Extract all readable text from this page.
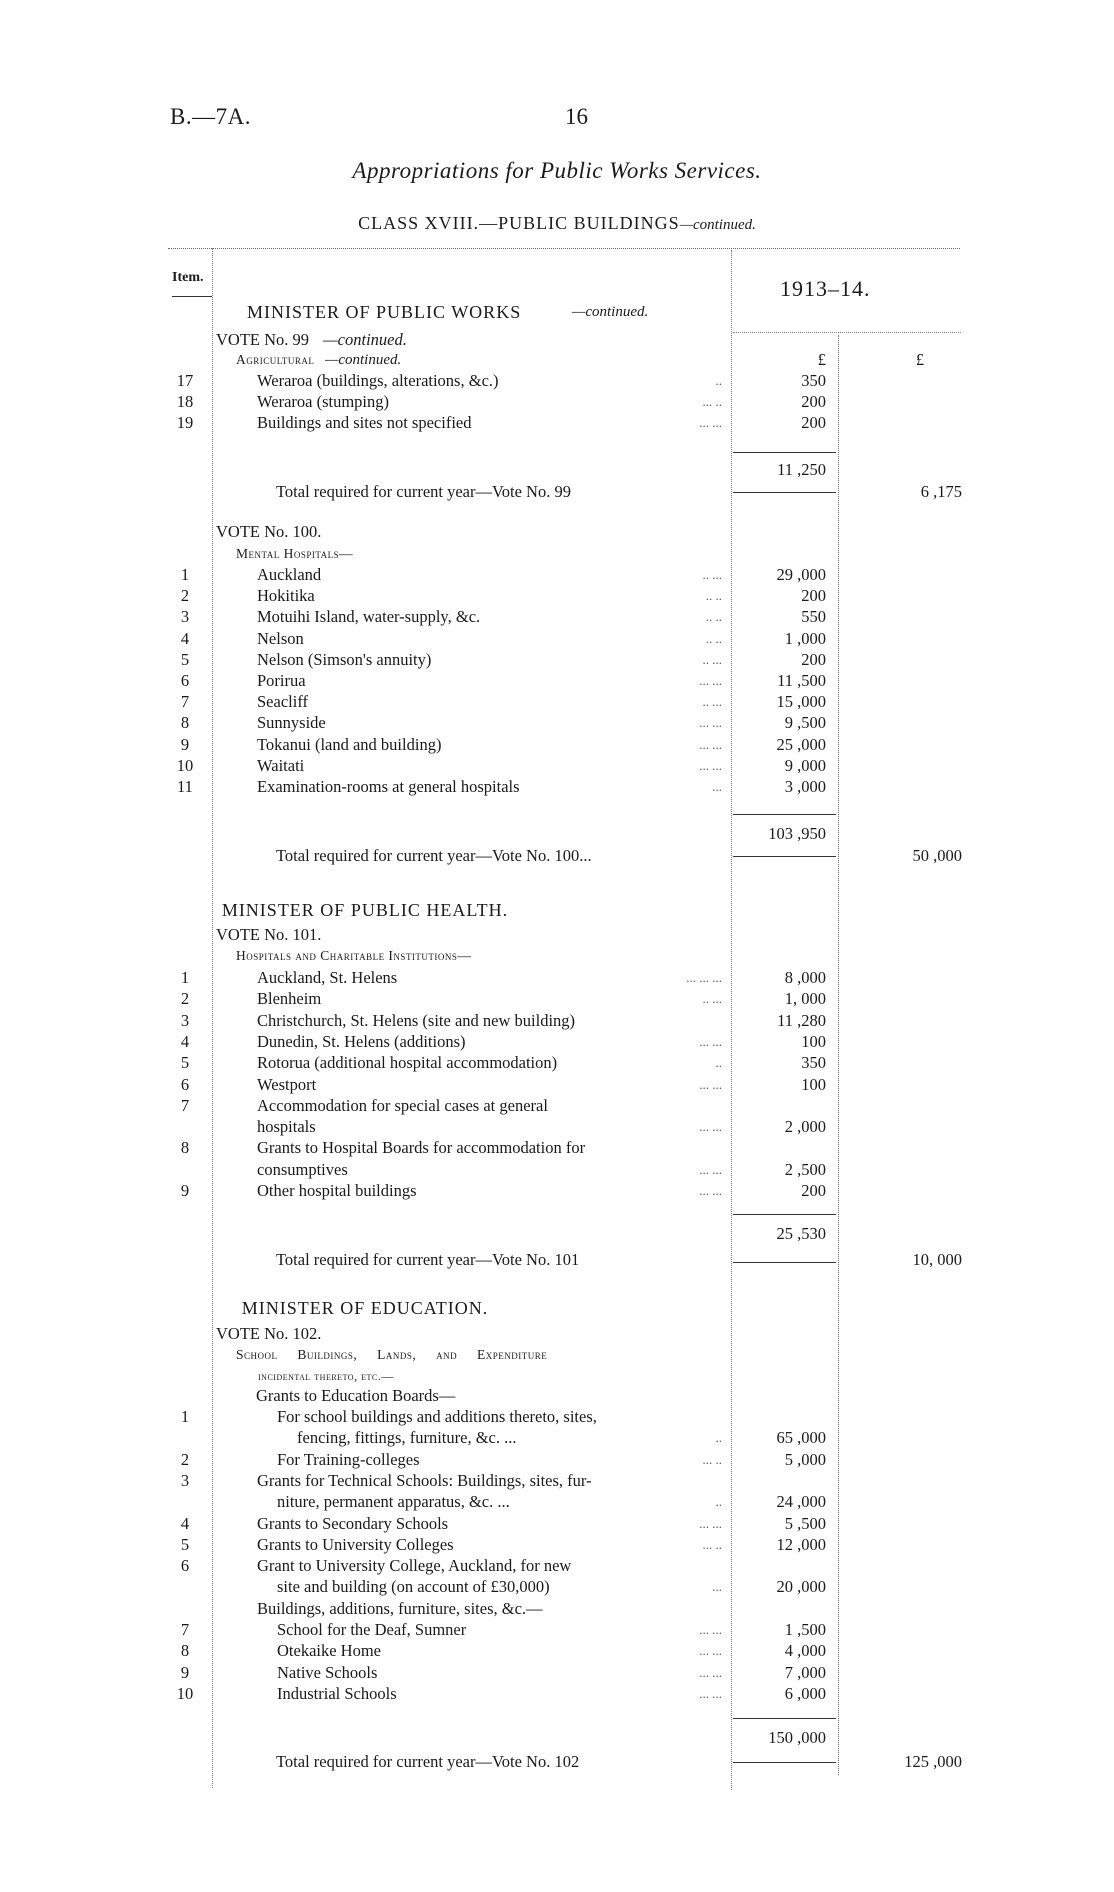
B.—7A.	16
Appropriations for Public Works Services.
CLASS XVIII.—PUBLIC BUILDINGS—continued.
Item.	1913–14.
MINISTER OF PUBLIC WORKS	—continued.
VOTE No. 99 —continued.
Agricultural —continued.	£	£
17	Weraroa (buildings, alterations, &c.)	..	350
18	Weraroa (stumping)	... ..	200
19	Buildings and sites not specified	... ...	200
11 ,250
Total required for current year—Vote No. 99	6 ,175
VOTE No. 100.
Mental Hospitals—
1	Auckland	.. ...	29 ,000
2	Hokitika	.. ..	200
3	Motuihi Island, water-supply, &c.	.. ..	550
4	Nelson	.. ..	1 ,000
5	Nelson (Simson's annuity)	.. ...	200
6	Porirua	... ...	11 ,500
7	Seacliff	.. ...	15 ,000
8	Sunnyside	... ...	9 ,500
9	Tokanui (land and building)	... ...	25 ,000
10	Waitati	... ...	9 ,000
11	Examination-rooms at general hospitals	...	3 ,000
103 ,950
Total required for current year—Vote No. 100...	50 ,000
MINISTER OF PUBLIC HEALTH.
VOTE No. 101.
Hospitals and Charitable Institutions—
1	Auckland, St. Helens	... ... ...	8 ,000
2	Blenheim	.. ...	1, 000
3	Christchurch, St. Helens (site and new building)	11 ,280
4	Dunedin, St. Helens (additions)	... ...	100
5	Rotorua (additional hospital accommodation)	..	350
6	Westport	... ...	100
7	Accommodation for special cases at general
hospitals	... ...	2 ,000
8	Grants to Hospital Boards for accommodation for
consumptives	... ...	2 ,500
9	Other hospital buildings	... ...	200
25 ,530
Total required for current year—Vote No. 101	10, 000
MINISTER OF EDUCATION.
VOTE No. 102.
School Buildings, Lands, and Expenditure
incidental thereto, etc.—
Grants to Education Boards—
1	For school buildings and additions thereto, sites,
fencing, fittings, furniture, &c. ...	..	65 ,000
2	For Training-colleges	... ..	5 ,000
3	Grants for Technical Schools: Buildings, sites, fur-
niture, permanent apparatus, &c. ...	..	24 ,000
4	Grants to Secondary Schools	... ...	5 ,500
5	Grants to University Colleges	... ..	12 ,000
6	Grant to University College, Auckland, for new
site and building (on account of £30,000)	...	20 ,000
Buildings, additions, furniture, sites, &c.—
7	School for the Deaf, Sumner	... ...	1 ,500
8	Otekaike Home	... ...	4 ,000
9	Native Schools	... ...	7 ,000
10	Industrial Schools	... ...	6 ,000
150 ,000
Total required for current year—Vote No. 102	125 ,000
